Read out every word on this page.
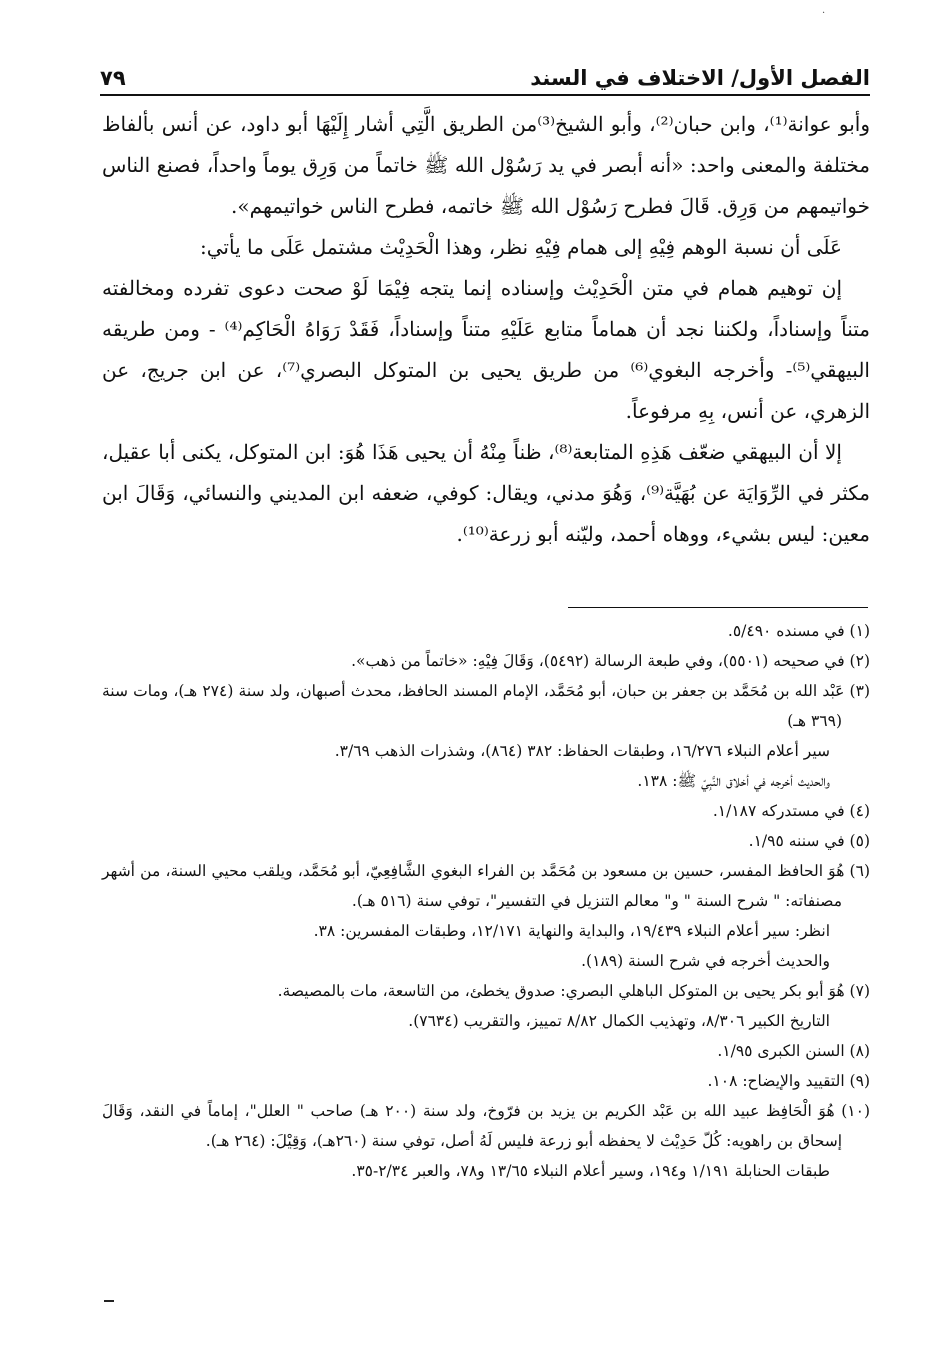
·
الفصل الأول/ الاختلاف في السند
٧٩

وأبو عوانة⁽¹⁾، وابن حبان⁽²⁾، وأبو الشيخ⁽³⁾من الطريق الَّتِي أشار إِلَيْهَا أبو داود، عن أنس بألفاظ مختلفة والمعنى واحد: «أنه أبصر في يد رَسُوْل الله ﷺ خاتماً من وَرِق يوماً واحداً، فصنع الناس خواتيمهم من وَرِق. قَالَ فطرح رَسُوْل الله ﷺ خاتمه، فطرح الناس خواتيمهم».

عَلَى أن نسبة الوهم فِيْهِ إلى همام فِيْهِ نظر، وهذا الْحَدِيْث مشتمل عَلَى ما يأتي:

إن توهيم همام في متن الْحَدِيْث وإسناده إنما يتجه فِيْمَا لَوْ صحت دعوى تفرده ومخالفته متناً وإسناداً، ولكننا نجد أن هماماً متابع عَلَيْهِ متناً وإسناداً، فَقَدْ رَوَاهُ الْحَاكِم⁽⁴⁾ - ومن طريقه البيهقي⁽⁵⁾- وأخرجه البغوي⁽⁶⁾ من طريق يحيى بن المتوكل البصري⁽⁷⁾، عن ابن جريج، عن الزهري، عن أنس، بِهِ مرفوعاً.

إلا أن البيهقي ضعّف هَذِهِ المتابعة⁽⁸⁾، ظناً مِنْهُ أن يحيى هَذَا هُوَ: ابن المتوكل، يكنى أبا عقيل، مكثر في الرِّوَايَة عن بُهَيَّة⁽⁹⁾، وَهُوَ مدني، ويقال: كوفي، ضعفه ابن المديني والنسائي، وَقَالَ ابن معين: ليس بشيء، ووهاه أحمد، وليّنه أبو زرعة⁽¹⁰⁾.

(١) في مسنده ٥/٤٩٠.

(٢) في صحيحه (٥٥٠١)، وفي طبعة الرسالة (٥٤٩٢)، وَقَالَ فِيْهِ: «خاتماً من ذهب».

(٣) عَبْد الله بن مُحَمَّد بن جعفر بن حبان، أبو مُحَمَّد، الإمام المسند الحافظ، محدث أصبهان، ولد سنة (٢٧٤ هـ)، ومات سنة (٣٦٩ هـ)

سير أعلام النبلاء ١٦/٢٧٦، وطبقات الحفاظ: ٣٨٢ (٨٦٤)، وشذرات الذهب ٣/٦٩.

والحديث أخرجه في أخلاق النَّبِيّ ﷺ: ١٣٨.

(٤) في مستدركه ١/١٨٧.

(٥) في سننه ١/٩٥.

(٦) هُوَ الحافظ المفسر، حسين بن مسعود بن مُحَمَّد بن الفراء البغوي الشَّافِعِيّ، أبو مُحَمَّد، ويلقب محيي السنة، من أشهر مصنفاته: " شرح السنة " و" معالم التنزيل في التفسير"، توفي سنة (٥١٦ هـ).

انظر: سير أعلام النبلاء ١٩/٤٣٩، والبداية والنهاية ١٢/١٧١، وطبقات المفسرين: ٣٨.

والحديث أخرجه في شرح السنة (١٨٩).

(٧) هُوَ أبو بكر يحيى بن المتوكل الباهلي البصري: صدوق يخطئ، من التاسعة، مات بالمصيصة.

التاريخ الكبير ٨/٣٠٦، وتهذيب الكمال ٨/٨٢ تمييز، والتقريب (٧٦٣٤).

(٨) السنن الكبرى ١/٩٥.

(٩) التقييد والإيضاح: ١٠٨.

(١٠) هُوَ الْحَافِظ عبيد الله بن عَبْد الكريم بن يزيد بن فرّوخ، ولد سنة (٢٠٠ هـ) صاحب " العلل"، إماماً في النقد، وَقَالَ إسحاق بن راهويه: كُلّ حَدِيْث لا يحفظه أبو زرعة فليس لَهُ أصل، توفي سنة (٢٦٠هـ)، وَقِيْلَ: (٢٦٤ هـ).

طبقات الحنابلة ١/١٩١ و١٩٤، وسير أعلام النبلاء ١٣/٦٥ و٧٨، والعبر ٢/٣٤-٣٥.
